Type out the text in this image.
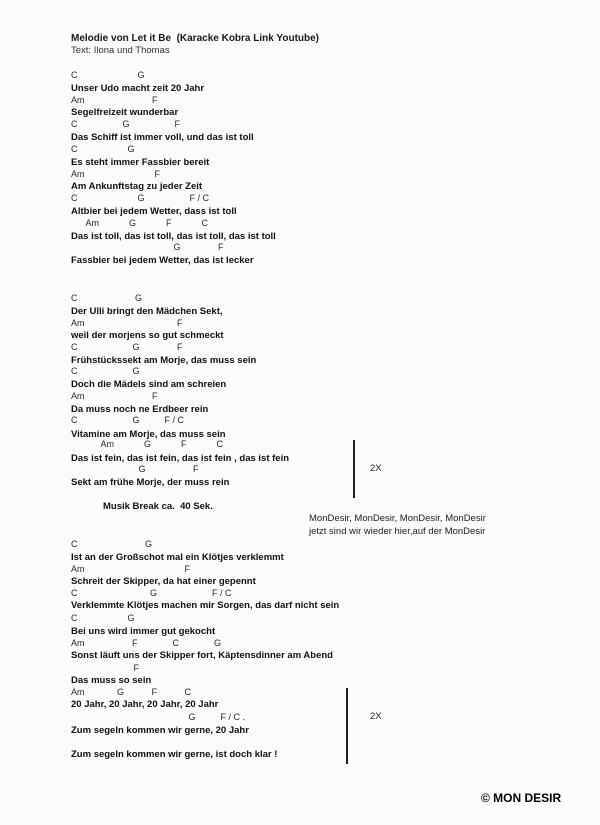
Melodie von Let it Be  (Karacke Kobra Link Youtube)
Text: Ilona und Thomas
C                        G
Unser Udo macht zeit 20 Jahr
Am                           F
Segelfreizeit wunderbar
C                  G                  F
Das Schiff ist immer voll, und das ist toll
C                    G
Es steht immer Fassbier bereit
Am                            F
Am Ankunftstag zu jeder Zeit
C                        G                  F / C
Altbier bei jedem Wetter, dass ist toll
Am            G            F            C
Das ist toll, das ist toll, das ist toll, das ist toll
G               F
Fassbier bei jedem Wetter, das ist lecker
C                       G
Der Ulli bringt den Mädchen Sekt,
Am                                     F
weil der morjens so gut schmeckt
C                      G               F
Frühstückssekt am Morje, das muss sein
C                      G
Doch die Mädels sind am schreien
Am                           F
Da muss noch ne Erdbeer rein
C                      G          F / C
Vitamine am Morje, das muss sein
Am            G            F            C
Das ist fein, das ist fein, das ist fein , das ist fein
G                   F
Sekt am frühe Morje, der muss rein
2X
Musik Break ca.  40 Sek.
MonDesir, MonDesir, MonDesir, MonDesir
jetzt sind wir wieder hier,auf der MonDesir
C                           G
Ist an der Großschot mal ein Klötjes verklemmt
Am                                        F
Schreit der Skipper, da hat einer gepennt
C                             G                      F / C
Verklemmte Klötjes machen mir Sorgen, das darf nicht sein
C                    G
Bei uns wird immer gut gekocht
Am                   F              C              G
Sonst läuft uns der Skipper fort, Käptensdinner am Abend
F
Das muss so sein
Am             G           F           C
20 Jahr, 20 Jahr, 20 Jahr, 20 Jahr
G          F / C .
Zum segeln kommen wir gerne, 20 Jahr
Zum segeln kommen wir gerne, ist doch klar !
2X
© MON DESIR
